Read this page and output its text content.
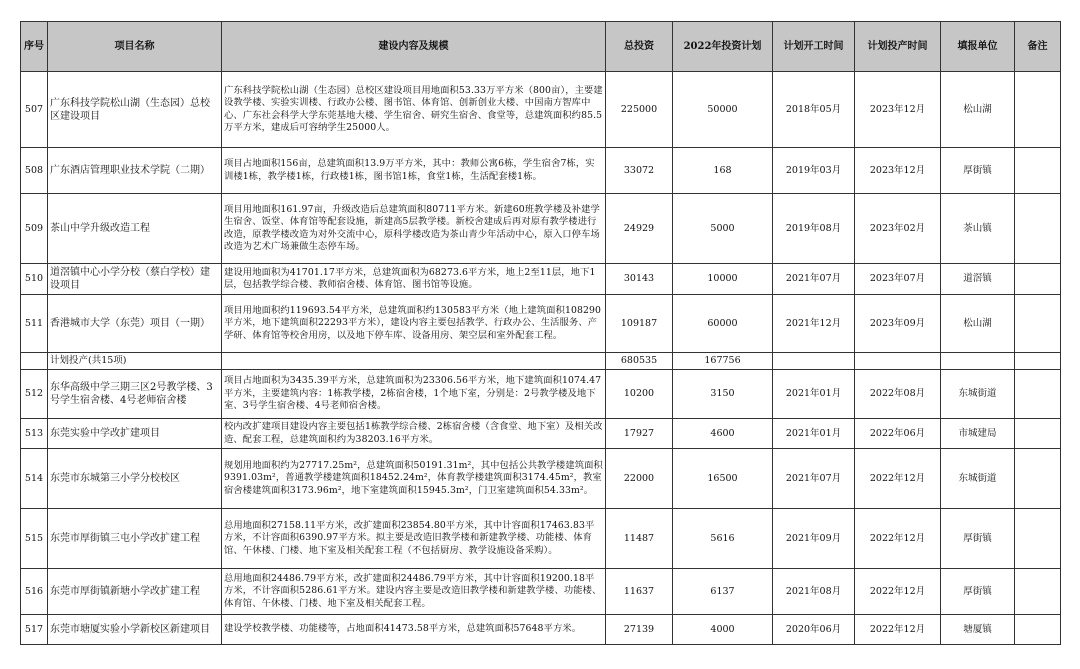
序号	项目名称	建设内容及规模	总投资	2022年投资计划	计划开工时间	计划投产时间	填报单位	备注
507	广东科技学院松山湖（生态园）总校区建设项目	广东科技学院松山湖（生态园）总校区建设项目用地面积53.33万平方米（800亩），主要建设教学楼、实验实训楼、行政办公楼、图书馆、体育馆、创新创业大楼、中国南方智库中心、广东社会科学大学东莞基地大楼、学生宿舍、研究生宿舍、食堂等，总建筑面积约85.5万平方米，建成后可容纳学生25000人。	225000	50000	2018年05月	2023年12月	松山湖	
508	广东酒店管理职业技术学院（二期）	项目占地面积156亩，总建筑面积13.9万平方米，其中：教师公寓6栋，学生宿舍7栋，实训楼1栋，教学楼1栋，行政楼1栋，图书馆1栋，食堂1栋，生活配套楼1栋。	33072	168	2019年03月	2023年12月	厚街镇	
509	茶山中学升级改造工程	项目用地面积161.97亩，升级改造后总建筑面积80711平方米。新建60班教学楼及补建学生宿舍、饭堂、体育馆等配套设施，新建高5层教学楼。新校舍建成后再对原有教学楼进行改造，原教学楼改造为对外交流中心，原科学楼改造为茶山青少年活动中心，原入口停车场改造为艺术广场兼做生态停车场。	24929	5000	2019年08月	2023年02月	茶山镇	
510	道滘镇中心小学分校（蔡白学校）建设项目	建设用地面积为41701.17平方米，总建筑面积为68273.6平方米，地上2至11层，地下1层，包括教学综合楼、教师宿舍楼、体育馆、图书馆等设施。	30143	10000	2021年07月	2023年07月	道滘镇	
511	香港城市大学（东莞）项目（一期）	项目用地面积约119693.54平方米，总建筑面积约130583平方米（地上建筑面积108290平方米，地下建筑面积22293平方米），建设内容主要包括教学、行政办公、生活服务、产学研、体育馆等校舍用房，以及地下停车库、设备用房、架空层和室外配套工程。	109187	60000	2021年12月	2023年09月	松山湖	
	计划投产(共15项)		680535	167756				
512	东华高级中学三期三区2号教学楼、3号学生宿舍楼、4号老师宿舍楼	项目占地面积为3435.39平方米，总建筑面积为23306.56平方米，地下建筑面积1074.47平方米，主要建筑内容：1栋教学楼，2栋宿舍楼，1个地下室，分别是：2号教学楼及地下室、3号学生宿舍楼、4号老师宿舍楼。	10200	3150	2021年01月	2022年08月	东城街道	
513	东莞实验中学改扩建项目	校内改扩建项目建设内容主要包括1栋教学综合楼、2栋宿舍楼（含食堂、地下室）及相关改造、配套工程，总建筑面积约为38203.16平方米。	17927	4600	2021年01月	2022年06月	市城建局	
514	东莞市东城第三小学分校校区	规划用地面积约为27717.25m²，总建筑面积50191.31m²，其中包括公共教学楼建筑面积9391.03m²，普通教学楼建筑面积18452.24m²，体育教学楼建筑面积3174.45m²，教室宿舍楼建筑面积3173.96m²，地下室建筑面积15945.3m²，门卫室建筑面积54.33m²。	22000	16500	2021年07月	2022年12月	东城街道	
515	东莞市厚街镇三屯小学改扩建工程	总用地面积27158.11平方米，改扩建面积23854.80平方米，其中计容面积17463.83平方米，不计容面积6390.97平方米。拟主要是改造旧教学楼和新建教学楼、功能楼、体育馆、午休楼、门楼、地下室及相关配套工程（不包括厨房、教学设施设备采购）。	11487	5616	2021年09月	2022年12月	厚街镇	
516	东莞市厚街镇新塘小学改扩建工程	总用地面积24486.79平方米，改扩建面积24486.79平方米，其中计容面积19200.18平方米，不计容面积5286.61平方米。建设内容主要是改造旧教学楼和新建教学楼、功能楼、体育馆、午休楼、门楼、地下室及相关配套工程。	11637	6137	2021年08月	2022年12月	厚街镇	
517	东莞市塘厦实验小学新校区新建项目	建设学校教学楼、功能楼等，占地面积41473.58平方米，总建筑面积57648平方米。	27139	4000	2020年06月	2022年12月	塘厦镇	
